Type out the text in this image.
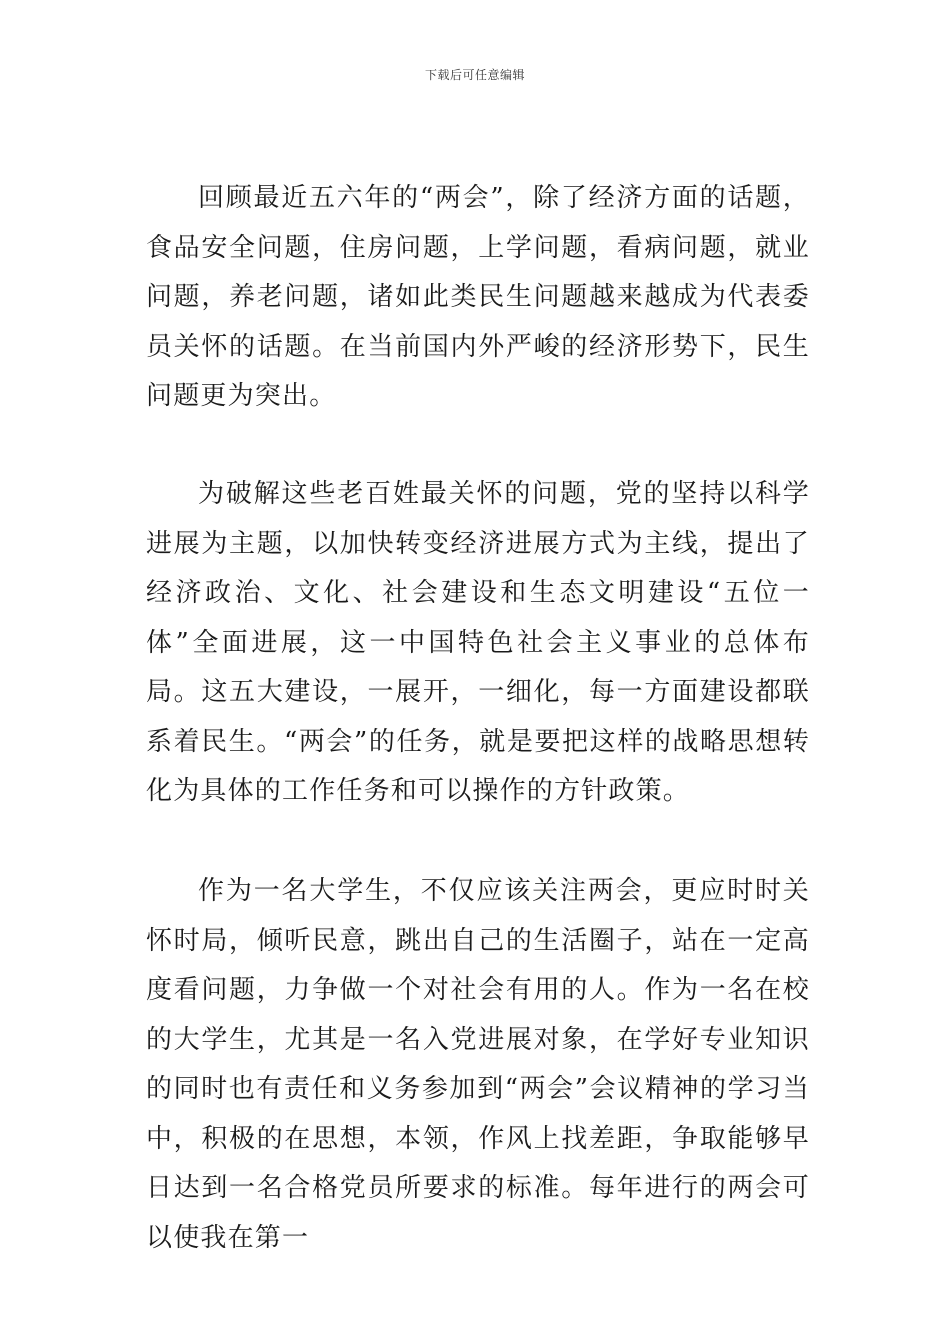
下载后可任意编辑

回顾最近五六年的“两会”，除了经济方面的话题，食品安全问题，住房问题，上学问题，看病问题，就业问题，养老问题，诸如此类民生问题越来越成为代表委员关怀的话题。在当前国内外严峻的经济形势下，民生问题更为突出。

为破解这些老百姓最关怀的问题，党的坚持以科学进展为主题，以加快转变经济进展方式为主线，提出了经济政治、文化、社会建设和生态文明建设“五位一体”全面进展，这一中国特色社会主义事业的总体布局。这五大建设，一展开，一细化，每一方面建设都联系着民生。“两会”的任务，就是要把这样的战略思想转化为具体的工作任务和可以操作的方针政策。

作为一名大学生，不仅应该关注两会，更应时时关怀时局，倾听民意，跳出自己的生活圈子，站在一定高度看问题，力争做一个对社会有用的人。作为一名在校的大学生，尤其是一名入党进展对象，在学好专业知识的同时也有责任和义务参加到“两会”会议精神的学习当中，积极的在思想，本领，作风上找差距，争取能够早日达到一名合格党员所要求的标准。每年进行的两会可以使我在第一
